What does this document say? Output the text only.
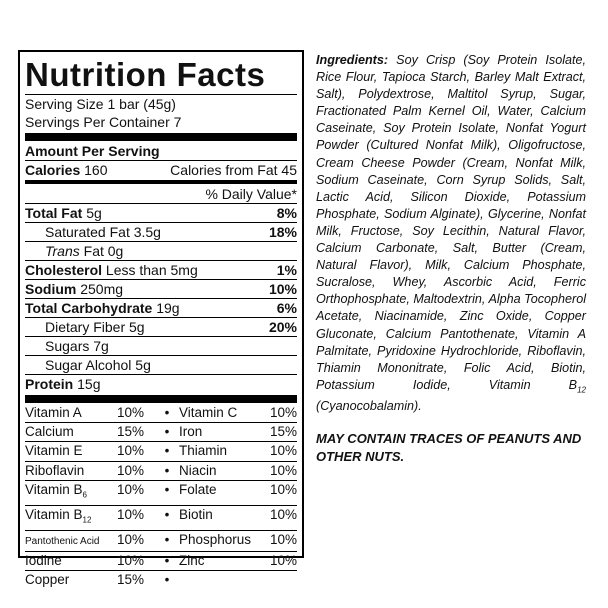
Nutrition Facts
Serving Size 1 bar (45g)
Servings Per Container 7
Amount Per Serving
Calories 160	Calories from Fat 45
% Daily Value*
Total Fat 5g	8%
Saturated Fat 3.5g	18%
Trans Fat 0g
Cholesterol Less than 5mg	1%
Sodium 250mg	10%
Total Carbohydrate 19g	6%
Dietary Fiber 5g	20%
Sugars 7g
Sugar Alcohol 5g
Protein 15g
Vitamin A	10%	• Vitamin C	10%
Calcium	15%	• Iron	15%
Vitamin E	10%	• Thiamin	10%
Riboflavin	10%	• Niacin	10%
Vitamin $B_6$	10%	• Folate	10%
Vitamin $B_{12}$	10%	• Biotin	10%
Pantothenic Acid	10%	• Phosphorus	10%
Iodine	10%	• Zinc	10%
Copper	15%	•
Ingredients: Soy Crisp (Soy Protein Isolate, Rice Flour, Tapioca Starch, Barley Malt Extract, Salt), Polydextrose, Maltitol Syrup, Sugar, Fractionated Palm Kernel Oil, Water, Calcium Caseinate, Soy Protein Isolate, Nonfat Yogurt Powder (Cultured Nonfat Milk), Oligofructose, Cream Cheese Powder (Cream, Nonfat Milk, Sodium Caseinate, Corn Syrup Solids, Salt, Lactic Acid, Silicon Dioxide, Potassium Phosphate, Sodium Alginate), Glycerine, Nonfat Milk, Fructose, Soy Lecithin, Natural Flavor, Calcium Carbonate, Salt, Butter (Cream, Natural Flavor), Milk, Calcium Phosphate, Sucralose, Whey, Ascorbic Acid, Ferric Orthophosphate, Maltodextrin, Alpha Tocopherol Acetate, Niacinamide, Zinc Oxide, Copper Gluconate, Calcium Pantothenate, Vitamin A Palmitate, Pyridoxine Hydrochloride, Riboflavin, Thiamin Mononitrate, Folic Acid, Biotin, Potassium Iodide, Vitamin $B_{12}$ (Cyanocobalamin).
MAY CONTAIN TRACES OF PEANUTS AND OTHER NUTS.
